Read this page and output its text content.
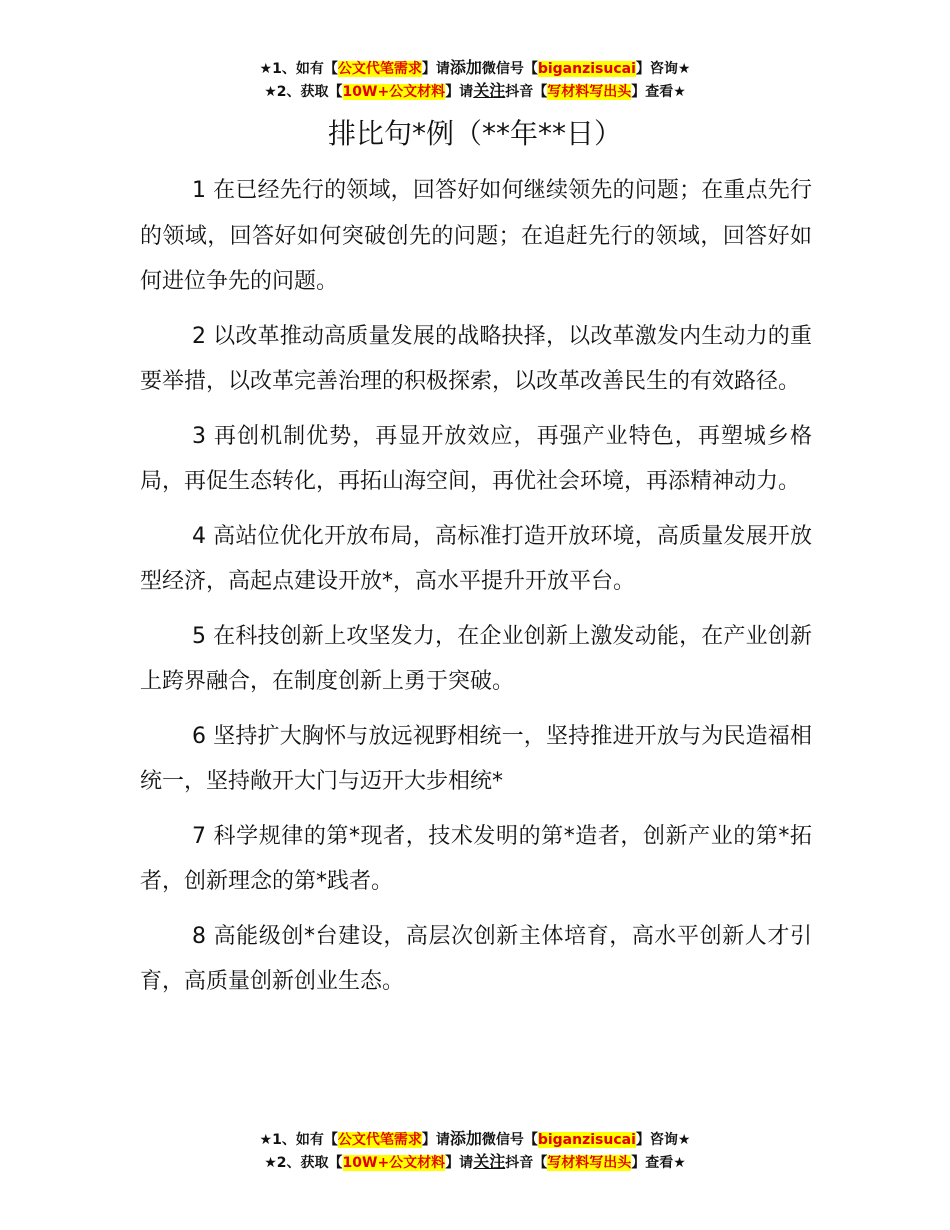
★1、如有【公文代笔需求】请添加微信号【biganzisucai】咨询★
★2、获取【10W+公文材料】请关注抖音【写材料写出头】查看★
排比句*例（**年**日）

1 在已经先行的领域，回答好如何继续领先的问题；在重点先行的领域，回答好如何突破创先的问题；在追赶先行的领域，回答好如何进位争先的问题。

2 以改革推动高质量发展的战略抉择，以改革激发内生动力的重要举措，以改革完善治理的积极探索，以改革改善民生的有效路径。

3 再创机制优势，再显开放效应，再强产业特色，再塑城乡格局，再促生态转化，再拓山海空间，再优社会环境，再添精神动力。

4 高站位优化开放布局，高标准打造开放环境，高质量发展开放型经济，高起点建设开放*，高水平提升开放平台。

5 在科技创新上攻坚发力，在企业创新上激发动能，在产业创新上跨界融合，在制度创新上勇于突破。

6 坚持扩大胸怀与放远视野相统一，坚持推进开放与为民造福相统一，坚持敞开大门与迈开大步相统*

7 科学规律的第*现者，技术发明的第*造者，创新产业的第*拓者，创新理念的第*践者。

8 高能级创*台建设，高层次创新主体培育，高水平创新人才引育，高质量创新创业生态。

★1、如有【公文代笔需求】请添加微信号【biganzisucai】咨询★
★2、获取【10W+公文材料】请关注抖音【写材料写出头】查看★
